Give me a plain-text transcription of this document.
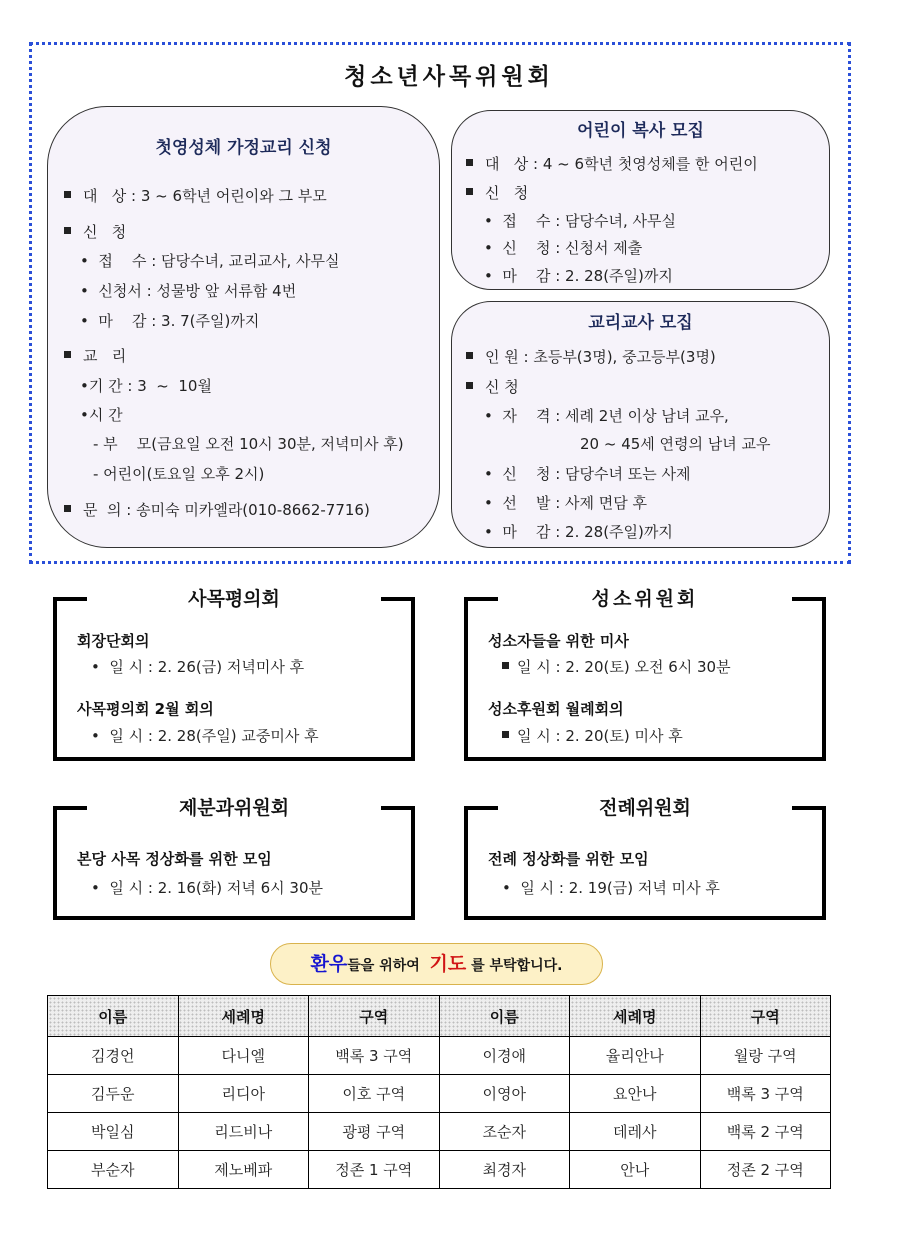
청소년사목위원회
첫영성체 가정교리 신청
대   상 : 3 ~ 6학년 어린이와 그 부모
신   청
•  접    수 : 담당수녀, 교리교사, 사무실
•  신청서 : 성물방 앞 서류함 4번
•  마    감 : 3. 7(주일)까지
교   리
•기 간 : 3  ~  10월
•시 간
- 부    모(금요일 오전 10시 30분, 저녁미사 후)
- 어린이(토요일 오후 2시)
문  의 : 송미숙 미카엘라(010-8662-7716)
어린이 복사 모집
대   상 : 4 ~ 6학년 첫영성체를 한 어린이
신   청
•  접    수 : 담당수녀, 사무실
•  신    청 : 신청서 제출
•  마    감 : 2. 28(주일)까지
교리교사 모집
인 원 : 초등부(3명), 중고등부(3명)
신 청
•  자    격 : 세례 2년 이상 남녀 교우,
20 ~ 45세 연령의 남녀 교우
•  신    청 : 담당수녀 또는 사제
•  선    발 : 사제 면담 후
•  마    감 : 2. 28(주일)까지
사목평의회
회장단회의
•  일 시 : 2. 26(금) 저녁미사 후
사목평의회 2월 회의
•  일 시 : 2. 28(주일) 교중미사 후
성소위원회
성소자들을 위한 미사
일 시 : 2. 20(토) 오전 6시 30분
성소후원회 월례회의
일 시 : 2. 20(토) 미사 후
제분과위원회
본당 사목 정상화를 위한 모임
•  일 시 : 2. 16(화) 저녁 6시 30분
전례위원회
전례 정상화를 위한 모임
•  일 시 : 2. 19(금) 저녁 미사 후
환우들을 위하여 기도 를 부탁합니다.
이름	세례명	구역	이름	세례명	구역
김경언	다니엘	백록 3 구역	이경애	율리안나	월랑 구역
김두운	리디아	이호 구역	이영아	요안나	백록 3 구역
박일심	리드비나	광평 구역	조순자	데레사	백록 2 구역
부순자	제노베파	정존 1 구역	최경자	안나	정존 2 구역
